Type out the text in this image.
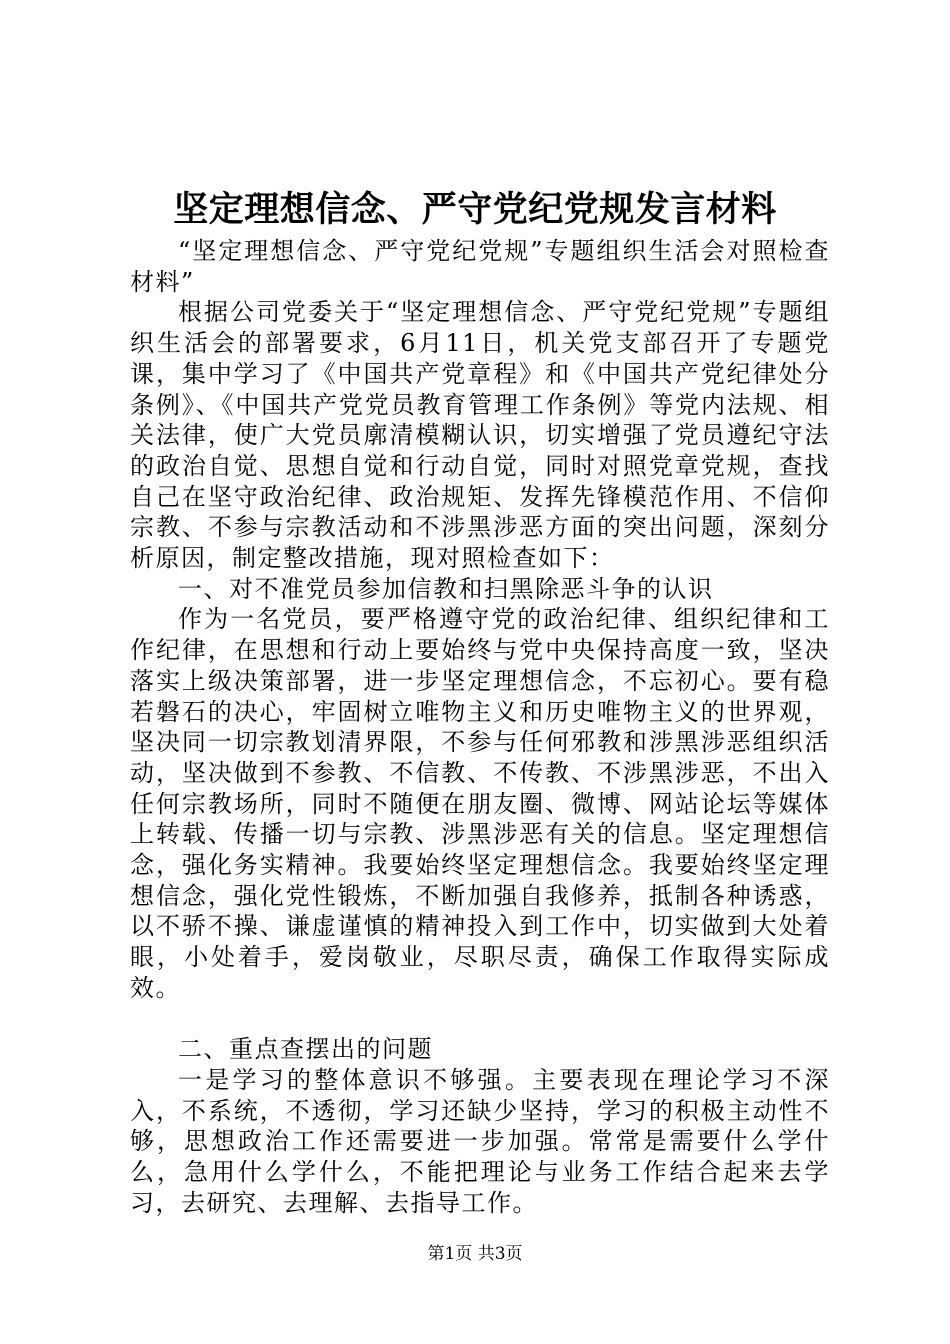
坚定理想信念、严守党纪党规发言材料

“坚定理想信念、严守党纪党规”专题组织生活会对照检查材料”

根据公司党委关于“坚定理想信念、严守党纪党规”专题组织生活会的部署要求，6月11日，机关党支部召开了专题党课，集中学习了《中国共产党章程》和《中国共产党纪律处分条例》、《中国共产党党员教育管理工作条例》等党内法规、相关法律，使广大党员廓清模糊认识，切实增强了党员遵纪守法的政治自觉、思想自觉和行动自觉，同时对照党章党规，查找自己在坚守政治纪律、政治规矩、发挥先锋模范作用、不信仰宗教、不参与宗教活动和不涉黑涉恶方面的突出问题，深刻分析原因，制定整改措施，现对照检查如下：

一、对不准党员参加信教和扫黑除恶斗争的认识

作为一名党员，要严格遵守党的政治纪律、组织纪律和工作纪律，在思想和行动上要始终与党中央保持高度一致，坚决落实上级决策部署，进一步坚定理想信念，不忘初心。要有稳若磐石的决心，牢固树立唯物主义和历史唯物主义的世界观，坚决同一切宗教划清界限，不参与任何邪教和涉黑涉恶组织活动，坚决做到不参教、不信教、不传教、不涉黑涉恶，不出入任何宗教场所，同时不随便在朋友圈、微博、网站论坛等媒体上转载、传播一切与宗教、涉黑涉恶有关的信息。坚定理想信念，强化务实精神。我要始终坚定理想信念。我要始终坚定理想信念，强化党性锻炼，不断加强自我修养，抵制各种诱惑，以不骄不操、谦虚谨慎的精神投入到工作中，切实做到大处着眼，小处着手，爱岗敬业，尽职尽责，确保工作取得实际成效。

二、重点查摆出的问题

一是学习的整体意识不够强。主要表现在理论学习不深入，不系统，不透彻，学习还缺少坚持，学习的积极主动性不够，思想政治工作还需要进一步加强。常常是需要什么学什么，急用什么学什么，不能把理论与业务工作结合起来去学习，去研究、去理解、去指导工作。

第1页 共3页
